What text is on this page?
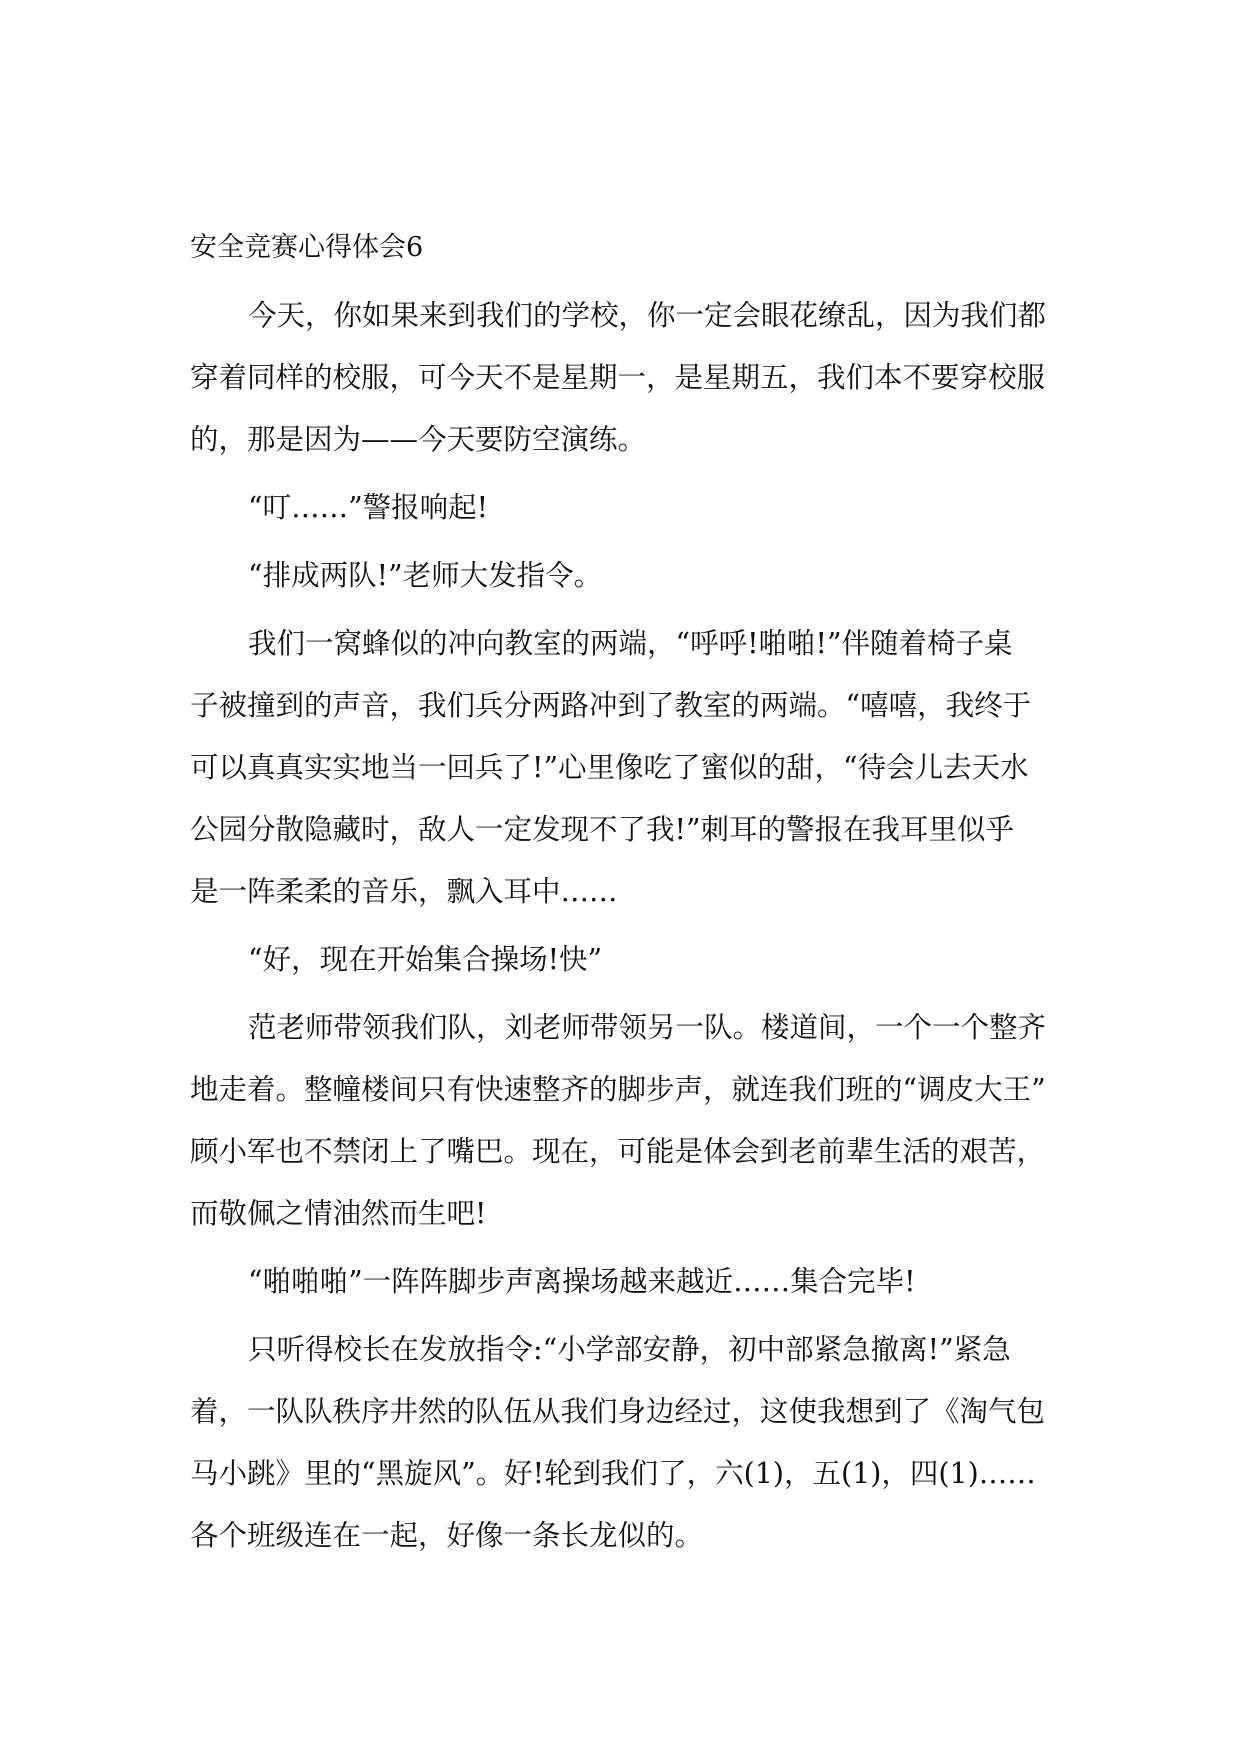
安全竞赛心得体会6

今天，你如果来到我们的学校，你一定会眼花缭乱，因为我们都

穿着同样的校服，可今天不是星期一，是星期五，我们本不要穿校服

的，那是因为——今天要防空演练。

“叮……”警报响起!

“排成两队!”老师大发指令。

我们一窝蜂似的冲向教室的两端，“呼呼!啪啪!”伴随着椅子桌

子被撞到的声音，我们兵分两路冲到了教室的两端。“嘻嘻，我终于

可以真真实实地当一回兵了!”心里像吃了蜜似的甜，“待会儿去天水

公园分散隐藏时，敌人一定发现不了我!”刺耳的警报在我耳里似乎

是一阵柔柔的音乐，飘入耳中……

“好，现在开始集合操场!快”

范老师带领我们队，刘老师带领另一队。楼道间，一个一个整齐

地走着。整幢楼间只有快速整齐的脚步声，就连我们班的“调皮大王”

顾小军也不禁闭上了嘴巴。现在，可能是体会到老前辈生活的艰苦，

而敬佩之情油然而生吧!

“啪啪啪”一阵阵脚步声离操场越来越近……集合完毕!

只听得校长在发放指令:“小学部安静，初中部紧急撤离!”紧急

着，一队队秩序井然的队伍从我们身边经过，这使我想到了《淘气包

马小跳》里的“黑旋风”。好!轮到我们了，六(1)，五(1)，四(1)……

各个班级连在一起，好像一条长龙似的。
